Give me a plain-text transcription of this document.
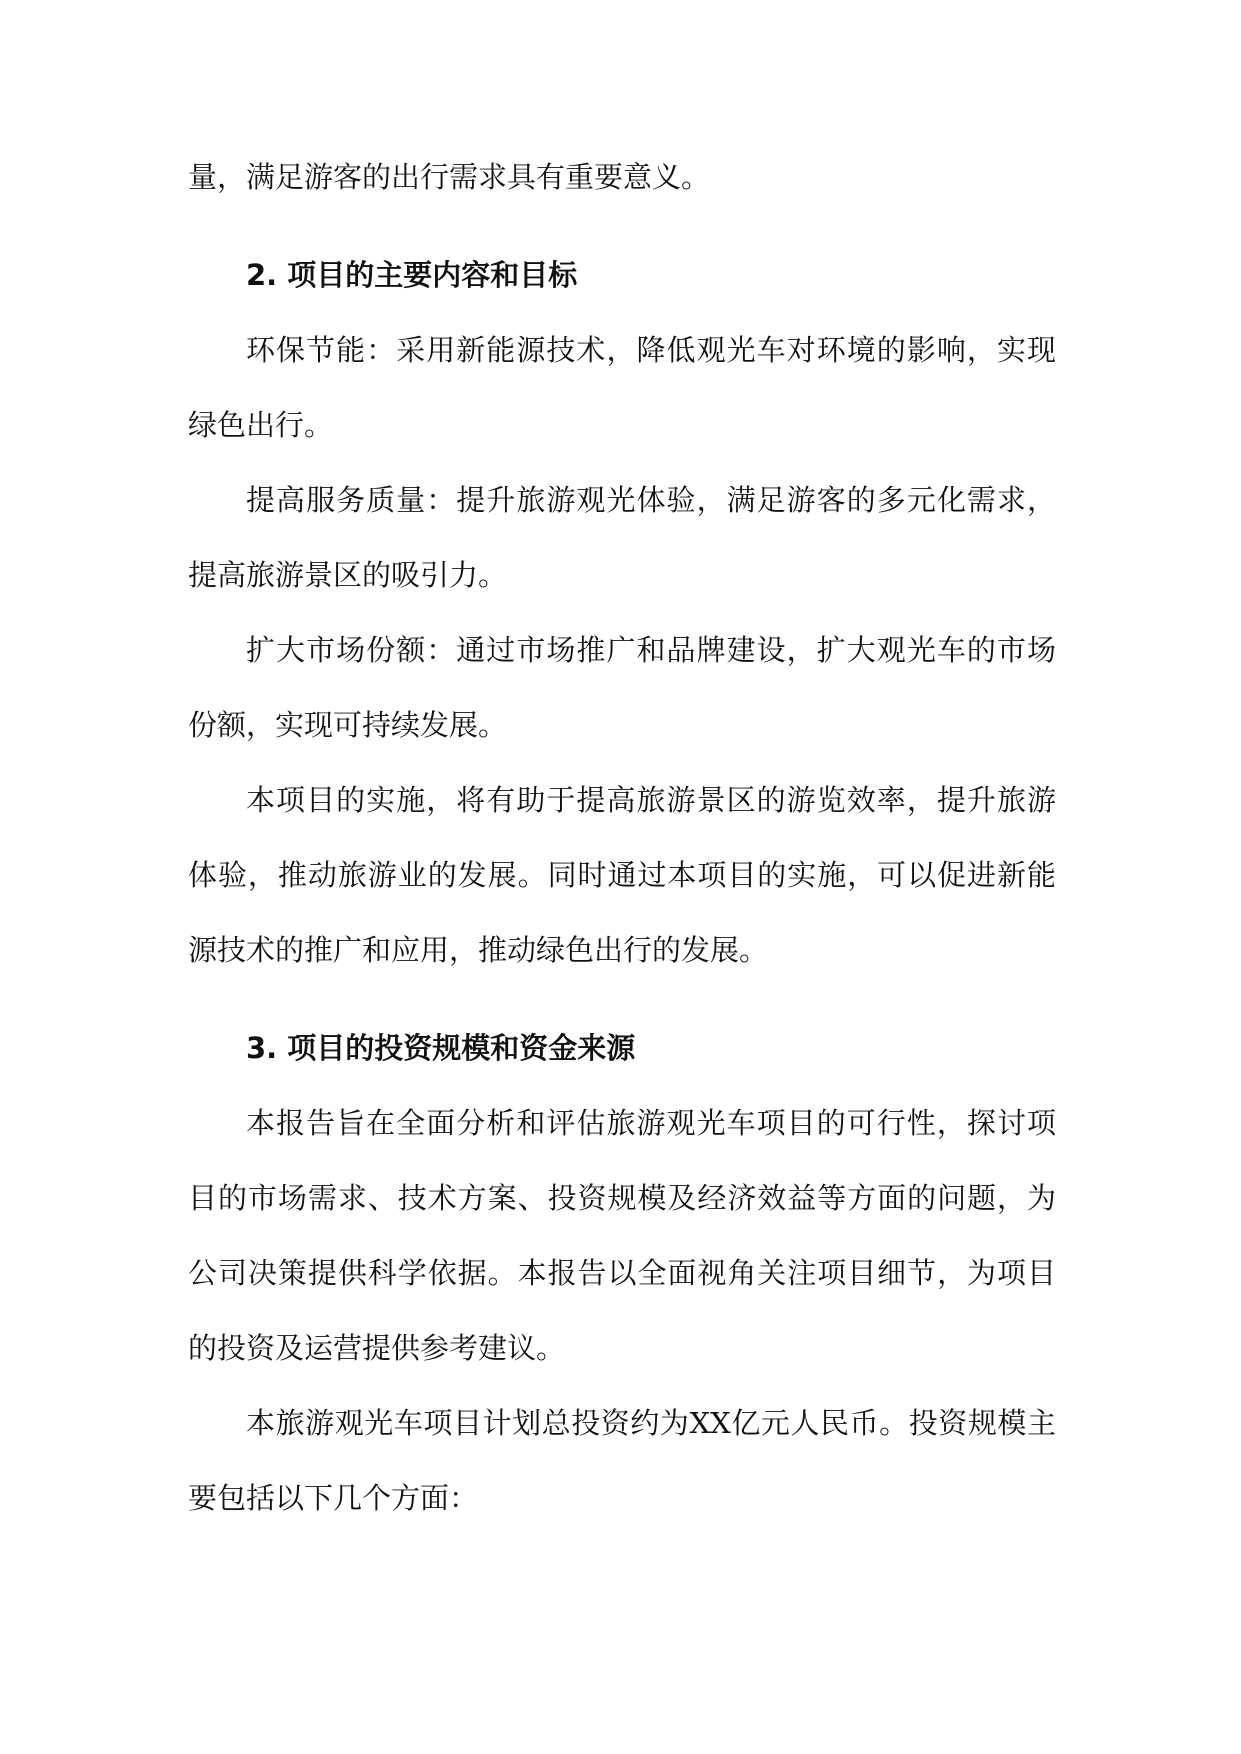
量，满足游客的出行需求具有重要意义。

2. 项目的主要内容和目标

环保节能：采用新能源技术，降低观光车对环境的影响，实现绿色出行。

提高服务质量：提升旅游观光体验，满足游客的多元化需求，提高旅游景区的吸引力。

扩大市场份额：通过市场推广和品牌建设，扩大观光车的市场份额，实现可持续发展。

本项目的实施，将有助于提高旅游景区的游览效率，提升旅游体验，推动旅游业的发展。同时通过本项目的实施，可以促进新能源技术的推广和应用，推动绿色出行的发展。

3. 项目的投资规模和资金来源

本报告旨在全面分析和评估旅游观光车项目的可行性，探讨项目的市场需求、技术方案、投资规模及经济效益等方面的问题，为公司决策提供科学依据。本报告以全面视角关注项目细节，为项目的投资及运营提供参考建议。

本旅游观光车项目计划总投资约为XX亿元人民币。投资规模主要包括以下几个方面：
